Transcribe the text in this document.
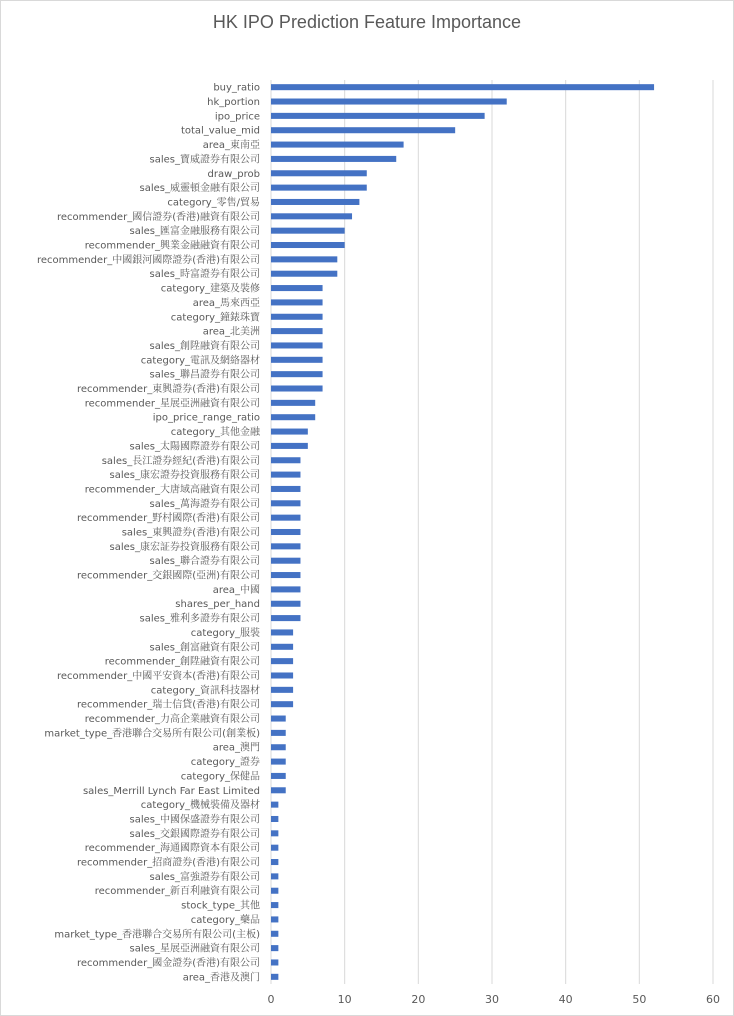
HK IPO Prediction Feature Importance
0	10	20	30	40	50	60
buy_ratio
hk_portion
ipo_price
total_value_mid
area_東南亞
sales_寶威證券有限公司
draw_prob
sales_威靈頓金融有限公司
category_零售/貿易
recommender_國信證券(香港)融資有限公司
sales_匯富金融服務有限公司
recommender_興業金融融資有限公司
recommender_中國銀河國際證券(香港)有限公司
sales_時富證券有限公司
category_建築及裝修
area_馬來西亞
category_鐘錶珠寶
area_北美洲
sales_創陞融資有限公司
category_電訊及網絡器材
sales_聯昌證券有限公司
recommender_東興證券(香港)有限公司
recommender_星展亞洲融資有限公司
ipo_price_range_ratio
category_其他金融
sales_太陽國際證券有限公司
sales_長江證券經紀(香港)有限公司
sales_康宏證券投資服務有限公司
recommender_大唐域高融資有限公司
sales_萬海證券有限公司
recommender_野村國際(香港)有限公司
sales_東興證券(香港)有限公司
sales_康宏証券投資服務有限公司
sales_聯合證券有限公司
recommender_交銀國際(亞洲)有限公司
area_中國
shares_per_hand
sales_雅利多證券有限公司
category_服裝
sales_創富融資有限公司
recommender_創陞融資有限公司
recommender_中國平安資本(香港)有限公司
category_資訊科技器材
recommender_瑞士信貸(香港)有限公司
recommender_力高企業融資有限公司
market_type_香港聯合交易所有限公司(創業板)
area_澳門
category_證券
category_保健品
sales_Merrill Lynch Far East Limited
category_機械裝備及器材
sales_中國保盛證券有限公司
sales_交銀國際證券有限公司
recommender_海通國際資本有限公司
recommender_招商證券(香港)有限公司
sales_富強證券有限公司
recommender_新百利融資有限公司
stock_type_其他
category_藥品
market_type_香港聯合交易所有限公司(主板)
sales_星展亞洲融資有限公司
recommender_國金證券(香港)有限公司
area_香港及澳门
